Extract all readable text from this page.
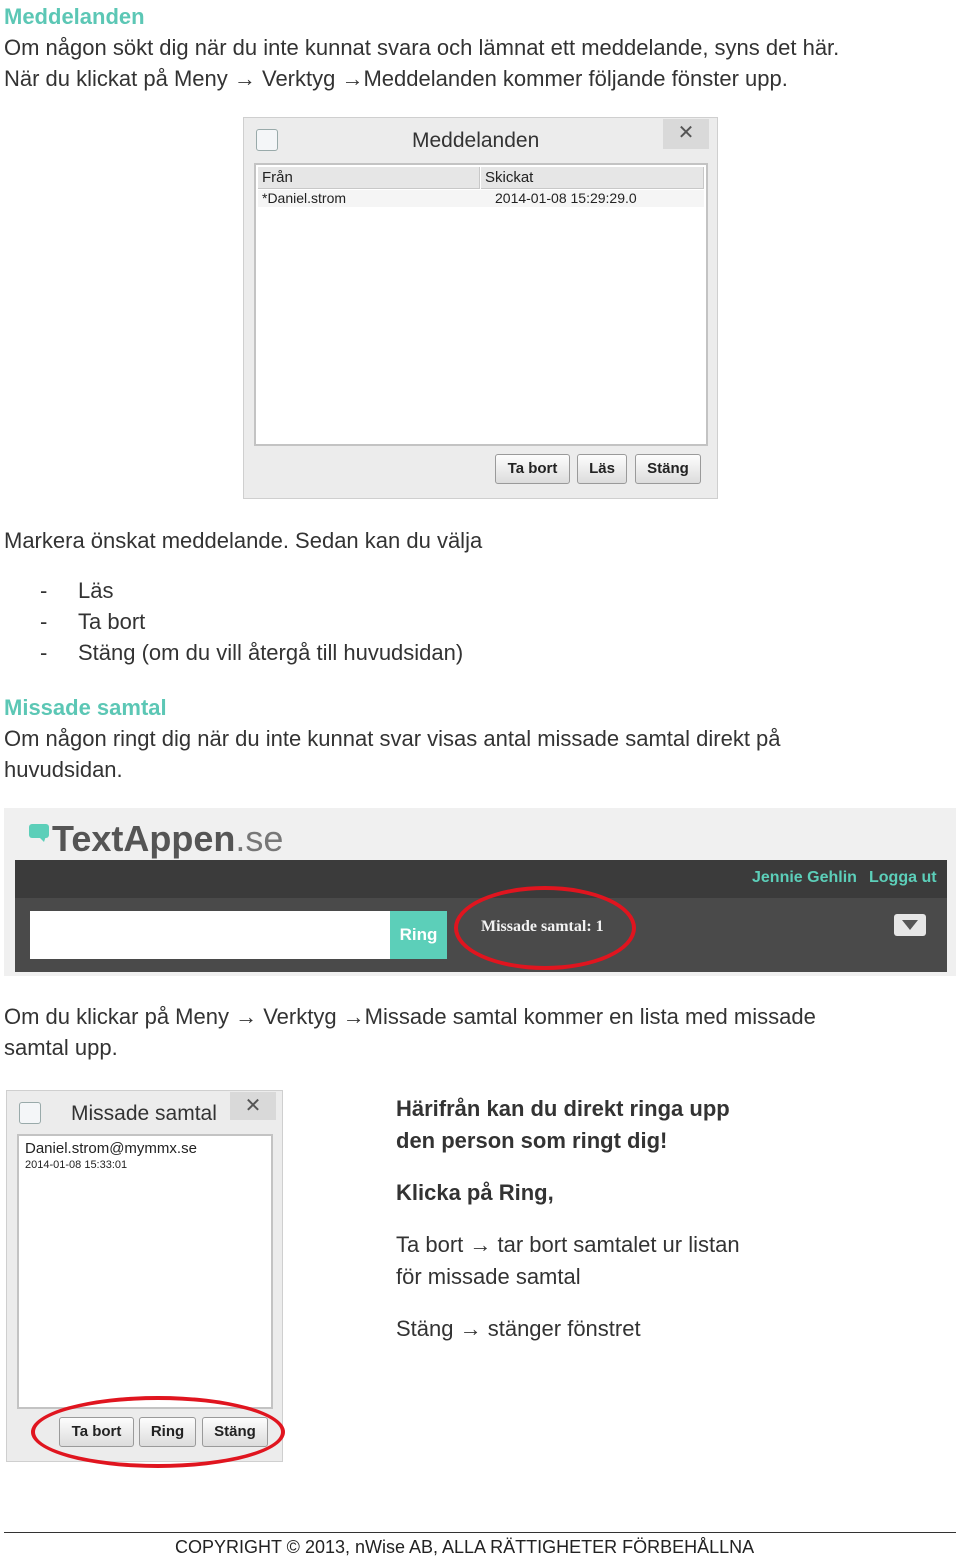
Meddelanden
Om någon sökt dig när du inte kunnat svara och lämnat ett meddelande, syns det här.
När du klickat på Meny → Verktyg →Meddelanden kommer följande fönster upp.
Meddelanden	✕
Från	Skickat
*Daniel.strom	2014-01-08 15:29:29.0
Ta bort	Läs	Stäng
Markera önskat meddelande. Sedan kan du välja
- Läs
- Ta bort
- Stäng (om du vill återgå till huvudsidan)
Missade samtal
Om någon ringt dig när du inte kunnat svar visas antal missade samtal direkt på
huvudsidan.
TextAppen.se
Jennie Gehlin Logga ut
Ring	Missade samtal: 1
Om du klickar på Meny → Verktyg →Missade samtal kommer en lista med missade
samtal upp.
Missade samtal	✕
Daniel.strom@mymmx.se
2014-01-08 15:33:01
Ta bort	Ring	Stäng
Härifrån kan du direkt ringa upp
den person som ringt dig!
Klicka på Ring,
Ta bort → tar bort samtalet ur listan
för missade samtal
Stäng → stänger fönstret
COPYRIGHT © 2013, nWise AB, ALLA RÄTTIGHETER FÖRBEHÅLLNA
